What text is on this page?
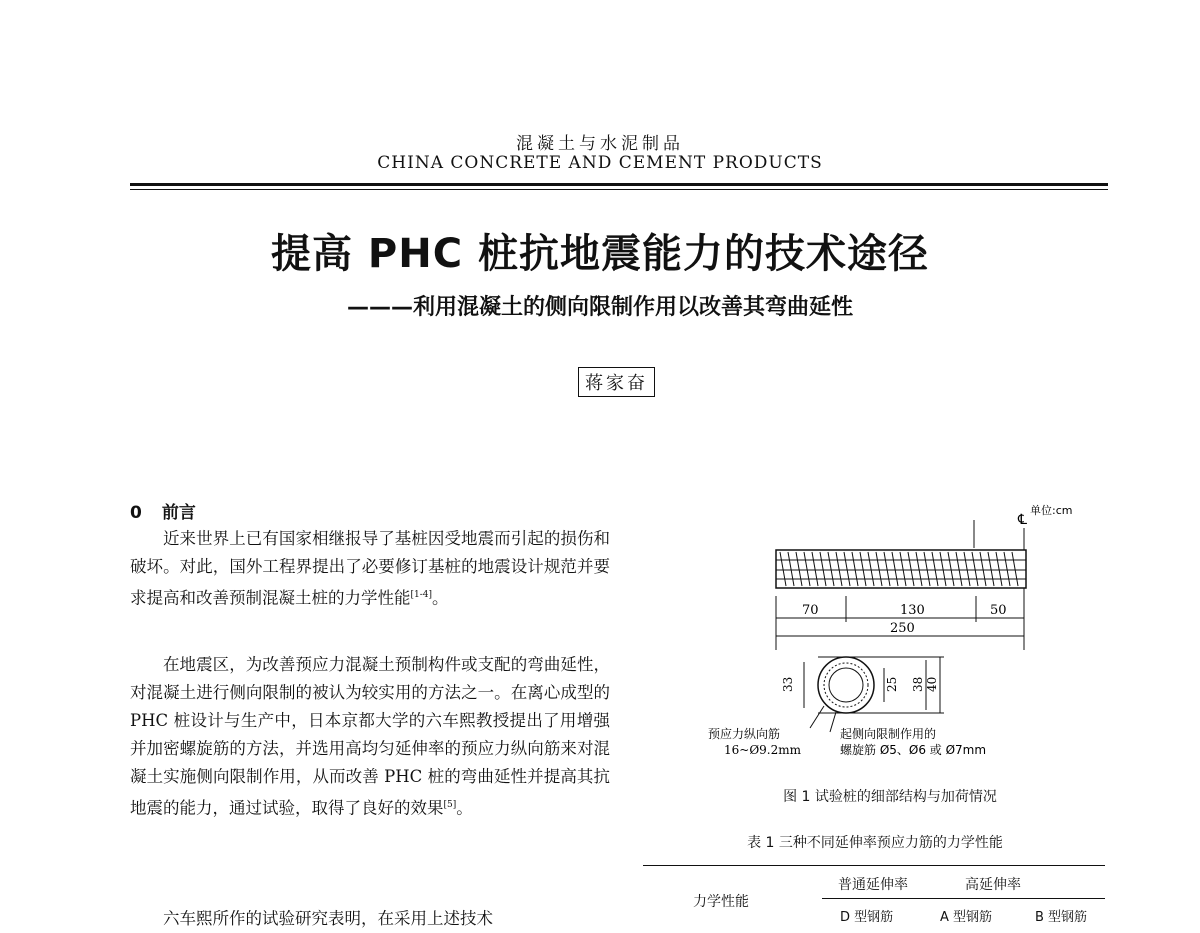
混凝土与水泥制品
CHINA CONCRETE AND CEMENT PRODUCTS
提高 PHC 桩抗地震能力的技术途径
———利用混凝土的侧向限制作用以改善其弯曲延性
蒋家奋
0 前言
近来世界上已有国家相继报导了基桩因受地震而引起的损伤和破坏。对此，国外工程界提出了必要修订基桩的地震设计规范并要求提高和改善预制混凝土桩的力学性能[1-4]。
在地震区，为改善预应力混凝土预制构件或支配的弯曲延性，对混凝土进行侧向限制的被认为较实用的方法之一。在离心成型的 PHC 桩设计与生产中，日本京都大学的六车熙教授提出了用增强并加密螺旋筋的方法，并选用高均匀延伸率的预应力纵向筋来对混凝土实施侧向限制作用，从而改善 PHC 桩的弯曲延性并提高其抗地震的能力，通过试验，取得了良好的效果[5]。
六车熙所作的试验研究表明，在采用上述技术
单位:cm
℄
70	130	50
250
33	25 38 40
预应力纵向筋
16~Ø9.2mm
起侧向限制作用的
螺旋筋 Ø5、Ø6 或 Ø7mm
图 1 试验桩的细部结构与加荷情况
表 1 三种不同延伸率预应力筋的力学性能
力学性能
普通延伸率	高延伸率
D 型钢筋	A 型钢筋	B 型钢筋
